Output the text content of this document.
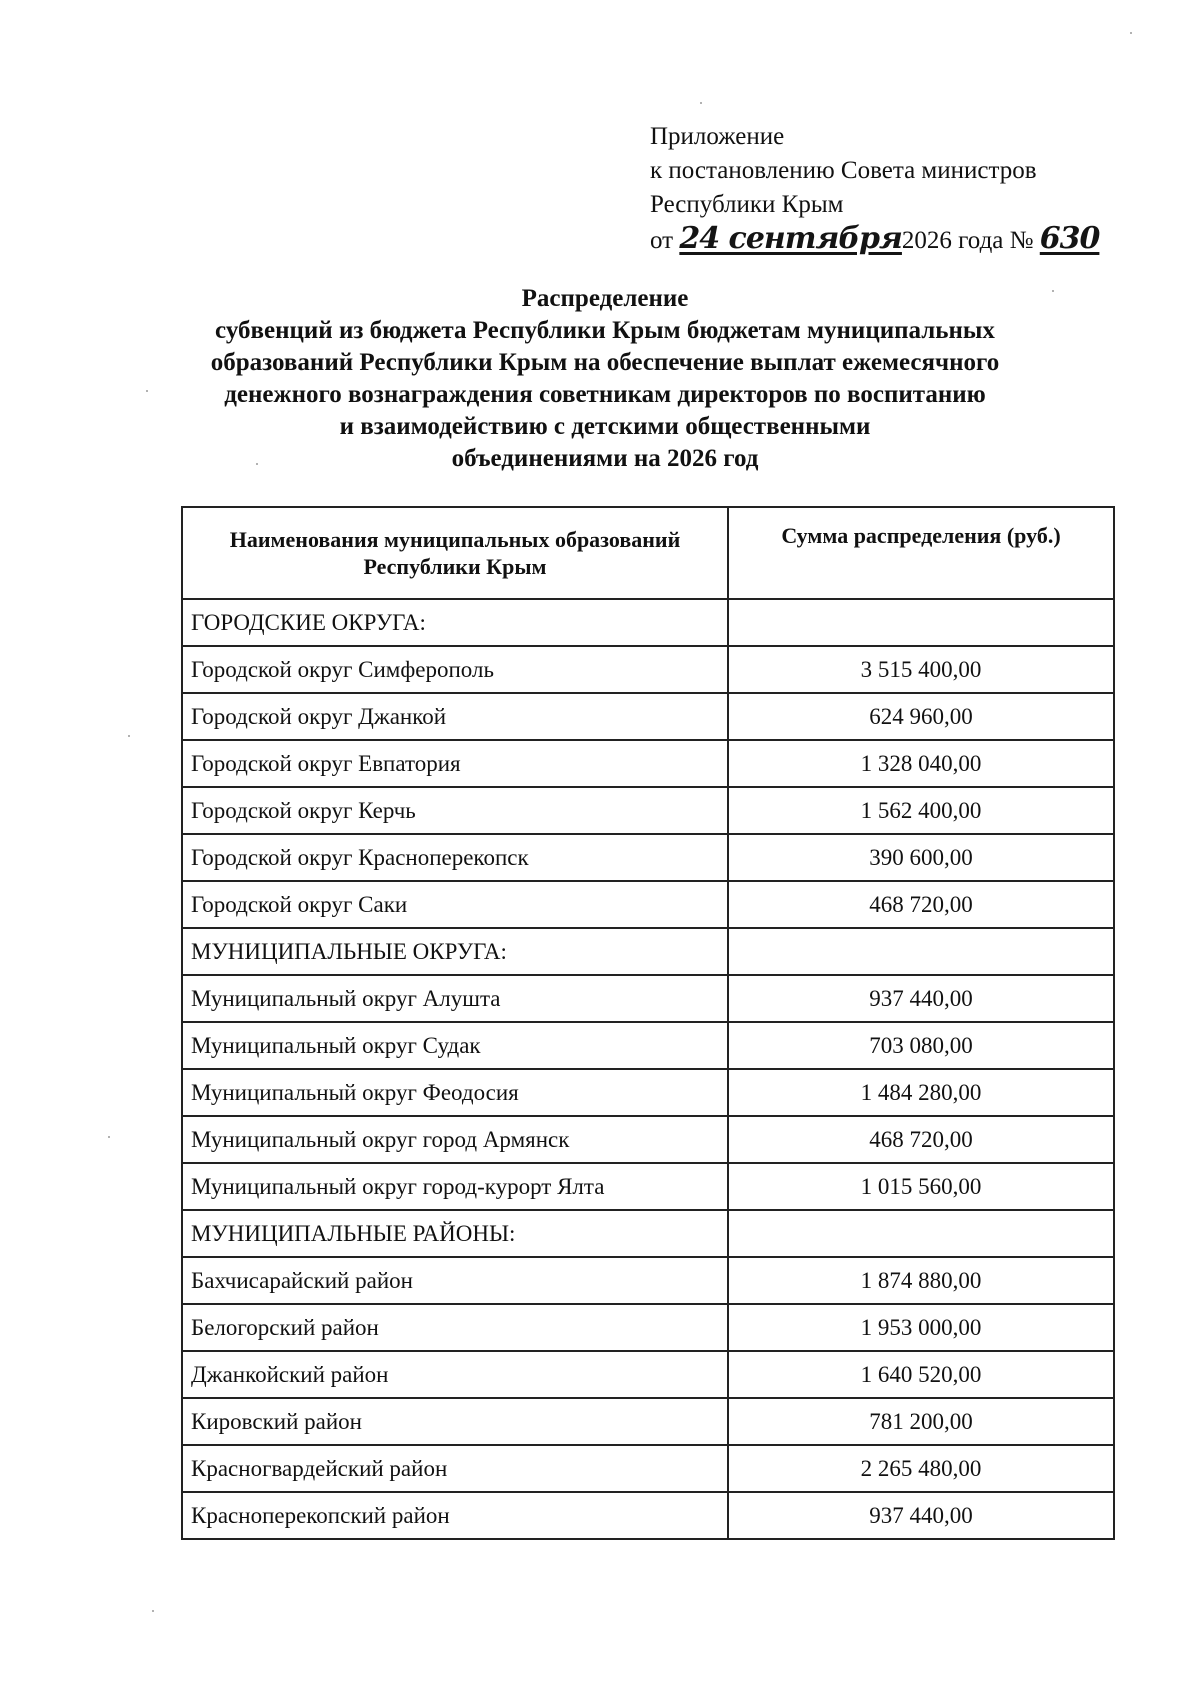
Приложение
к постановлению Совета министров
Республики Крым
от 24 сентября2026 года № 630
Распределение
субвенций из бюджета Республики Крым бюджетам муниципальных
образований Республики Крым на обеспечение выплат ежемесячного
денежного вознаграждения советникам директоров по воспитанию
и взаимодействию с детскими общественными
объединениями на 2026 год
Наименования муниципальных образований Республики Крым	Сумма распределения (руб.)
ГОРОДСКИЕ ОКРУГА:	
Городской округ Симферополь	3 515 400,00
Городской округ Джанкой	624 960,00
Городской округ Евпатория	1 328 040,00
Городской округ Керчь	1 562 400,00
Городской округ Красноперекопск	390 600,00
Городской округ Саки	468 720,00
МУНИЦИПАЛЬНЫЕ ОКРУГА:	
Муниципальный округ Алушта	937 440,00
Муниципальный округ Судак	703 080,00
Муниципальный округ Феодосия	1 484 280,00
Муниципальный округ город Армянск	468 720,00
Муниципальный округ город-курорт Ялта	1 015 560,00
МУНИЦИПАЛЬНЫЕ РАЙОНЫ:	
Бахчисарайский район	1 874 880,00
Белогорский район	1 953 000,00
Джанкойский район	1 640 520,00
Кировский район	781 200,00
Красногвардейский район	2 265 480,00
Красноперекопский район	937 440,00
